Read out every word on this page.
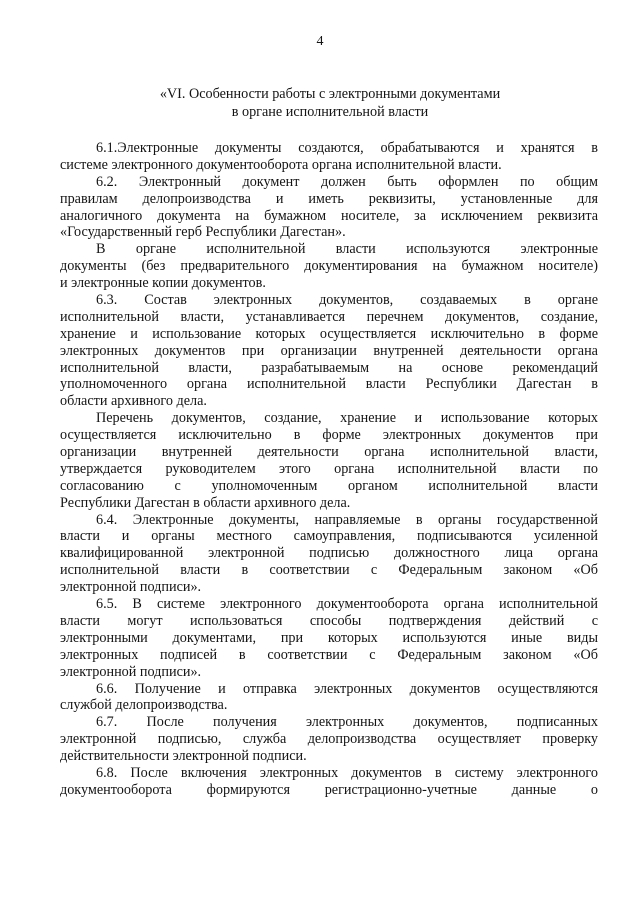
4
«VI. Особенности работы с электронными документами
в органе исполнительной власти
6.1.Электронные документы создаются, обрабатываются и хранятся в
системе электронного документооборота органа исполнительной власти.
6.2. Электронный документ должен быть оформлен по общим
правилам делопроизводства и иметь реквизиты, установленные для
аналогичного документа на бумажном носителе, за исключением реквизита
«Государственный герб Республики Дагестан».
В органе исполнительной власти используются электронные
документы (без предварительного документирования на бумажном носителе)
и электронные копии документов.
6.3. Состав электронных документов, создаваемых в органе
исполнительной власти, устанавливается перечнем документов, создание,
хранение и использование которых осуществляется исключительно в форме
электронных документов при организации внутренней деятельности органа
исполнительной власти, разрабатываемым на основе рекомендаций
уполномоченного органа исполнительной власти Республики Дагестан в
области архивного дела.
Перечень документов, создание, хранение и использование которых
осуществляется исключительно в форме электронных документов при
организации внутренней деятельности органа исполнительной власти,
утверждается руководителем этого органа исполнительной власти по
согласованию с уполномоченным органом исполнительной власти
Республики Дагестан в области архивного дела.
6.4. Электронные документы, направляемые в органы государственной
власти и органы местного самоуправления, подписываются усиленной
квалифицированной электронной подписью должностного лица органа
исполнительной власти в соответствии с Федеральным законом «Об
электронной подписи».
6.5. В системе электронного документооборота органа исполнительной
власти могут использоваться способы подтверждения действий с
электронными документами, при которых используются иные виды
электронных подписей в соответствии с Федеральным законом «Об
электронной подписи».
6.6. Получение и отправка электронных документов осуществляются
службой делопроизводства.
6.7. После получения электронных документов, подписанных
электронной подписью, служба делопроизводства осуществляет проверку
действительности электронной подписи.
6.8. После включения электронных документов в систему электронного
документооборота формируются регистрационно-учетные данные о
